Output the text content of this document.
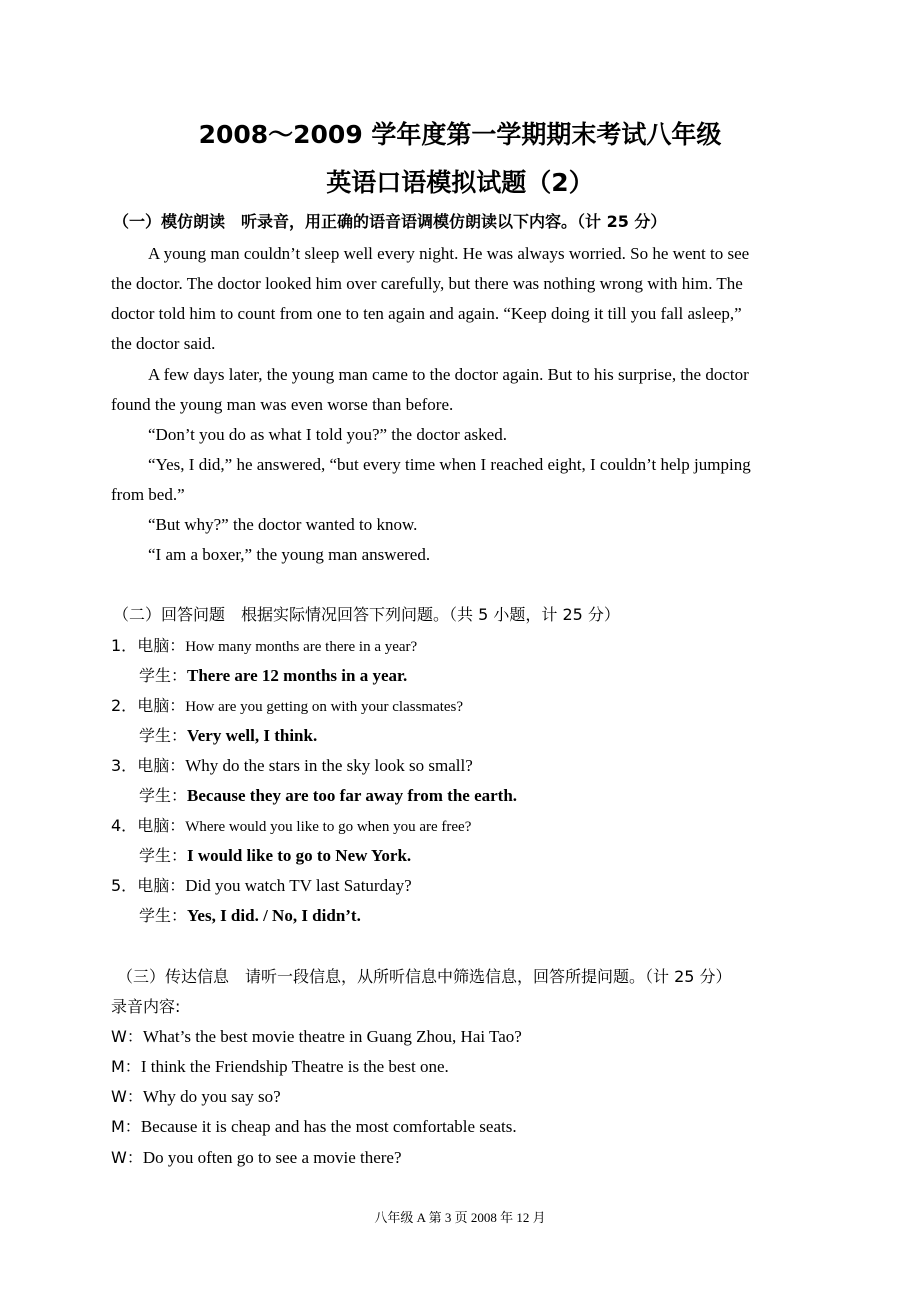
2008～2009 学年度第一学期期末考试八年级
英语口语模拟试题（2）
（一）模仿朗读　听录音，用正确的语音语调模仿朗读以下内容。（计 25 分）
A young man couldn’t sleep well every night. He was always worried. So he went to see
the doctor. The doctor looked him over carefully, but there was nothing wrong with him. The
doctor told him to count from one to ten again and again. “Keep doing it till you fall asleep,”
the doctor said.
A few days later, the young man came to the doctor again. But to his surprise, the doctor
found the young man was even worse than before.
“Don’t you do as what I told you?” the doctor asked.
“Yes, I did,” he answered, “but every time when I reached eight, I couldn’t help jumping
from bed.”
“But why?” the doctor wanted to know.
“I am a boxer,” the young man answered.
（二）回答问题　根据实际情况回答下列问题。（共 5 小题，计 25 分）
1．电脑：How many months are there in a year?
学生：There are 12 months in a year.
2．电脑：How are you getting on with your classmates?
学生：Very well, I think.
3．电脑：Why do the stars in the sky look so small?
学生：Because they are too far away from the earth.
4．电脑：Where would you like to go when you are free?
学生：I would like to go to New York.
5．电脑：Did you watch TV last Saturday?
学生：Yes, I did. / No, I didn’t.
（三）传达信息　请听一段信息，从所听信息中筛选信息，回答所提问题。（计 25 分）
录音内容:
W：What’s the best movie theatre in Guang Zhou, Hai Tao?
M：I think the Friendship Theatre is the best one.
W：Why do you say so?
M：Because it is cheap and has the most comfortable seats.
W：Do you often go to see a movie there?
八年级 A 第 3 页 2008 年 12 月
